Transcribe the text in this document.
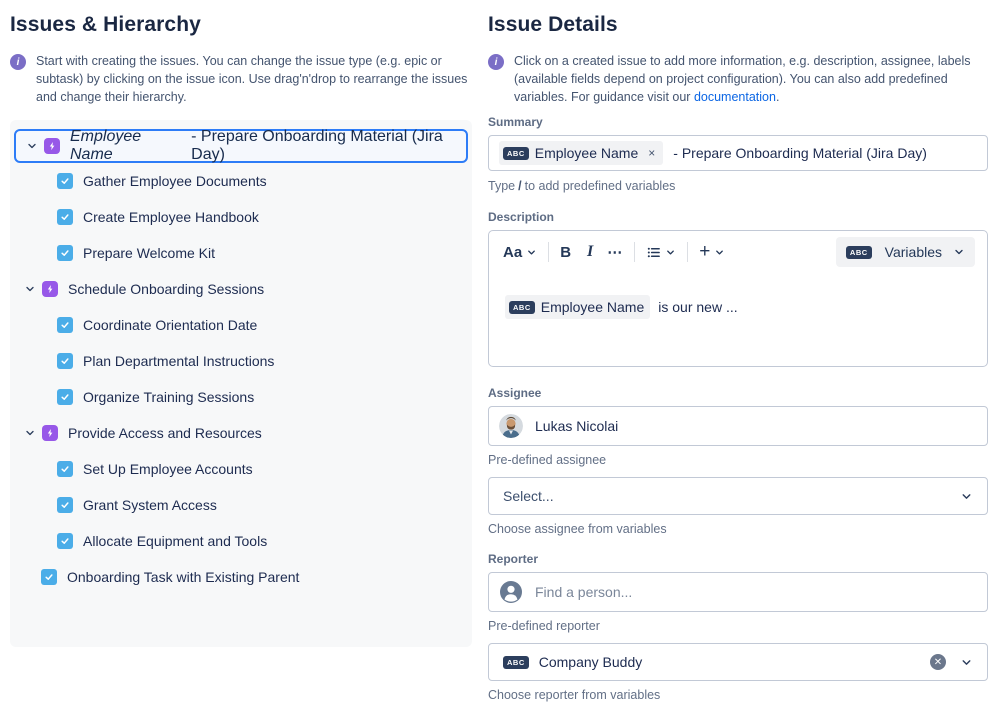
Issues & Hierarchy
i	Start with creating the issues. You can change the issue type (e.g. epic or subtask) by clicking on the issue icon. Use drag'n'drop to rearrange the issues and change their hierarchy.
Employee Name
- Prepare Onboarding Material (Jira Day)
Gather Employee Documents
Create Employee Handbook
Prepare Welcome Kit
Schedule Onboarding Sessions
Coordinate Orientation Date
Plan Departmental Instructions
Organize Training Sessions
Provide Access and Resources
Set Up Employee Accounts
Grant System Access
Allocate Equipment and Tools
Onboarding Task with Existing Parent
Issue Details
i	Click on a created issue to add more information, e.g. description, assignee, labels (available fields depend on project configuration). You can also add predefined variables. For guidance visit our documentation.
Summary
ABC Employee Name × - Prepare Onboarding Material (Jira Day)
Type / to add predefined variables
Description
Aa	B I ⋯	+	ABC Variables
ABC Employee Name is our new ...
Assignee
Lukas Nicolai
Pre-defined assignee
Select...
Choose assignee from variables
Reporter
Find a person...
Pre-defined reporter
ABC Company Buddy	✕
Choose reporter from variables
